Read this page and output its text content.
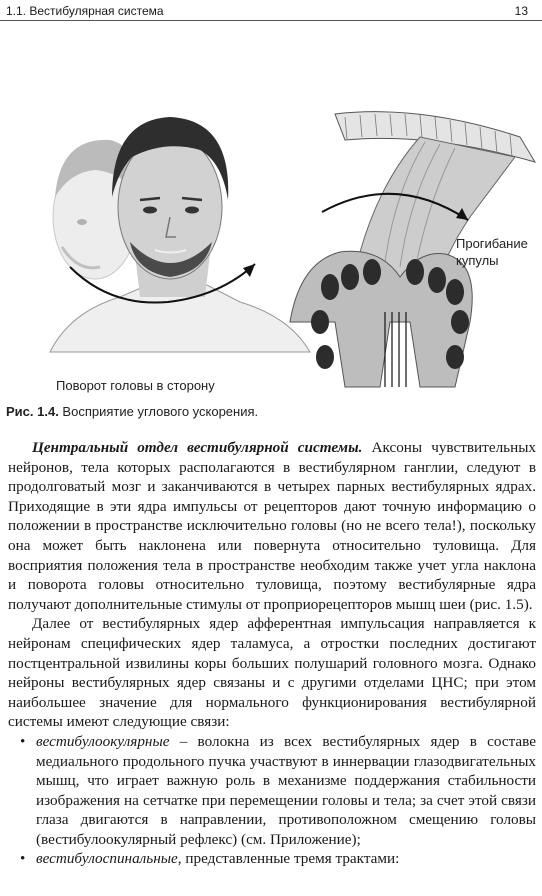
1.1. Вестибулярная система	13
Поворот головы в сторону
Прогибание
купулы
Рис. 1.4. Восприятие углового ускорения.

Центральный отдел вестибулярной системы. Аксоны чувствительных нейронов, тела которых располагаются в вестибулярном ганглии, следуют в продолговатый мозг и заканчиваются в четырех парных вестибулярных ядрах. Приходящие в эти ядра импульсы от рецепторов дают точную информацию о положении в пространстве исключительно головы (но не всего тела!), поскольку она может быть наклонена или повернута относительно туловища. Для восприятия положения тела в пространстве необходим также учет угла наклона и поворота головы относительно туловища, поэтому вестибулярные ядра получают дополнительные стимулы от проприорецепторов мышц шеи (рис. 1.5).

Далее от вестибулярных ядер афферентная импульсация направляется к нейронам специфических ядер таламуса, а отростки последних достигают постцентральной извилины коры больших полушарий головного мозга. Однако нейроны вестибулярных ядер связаны и с другими отделами ЦНС; при этом наибольшее значение для нормального функционирования вестибулярной системы имеют следующие связи:

• вестибулоокулярные – волокна из всех вестибулярных ядер в составе медиального продольного пучка участвуют в иннервации глазодвигательных мышц, что играет важную роль в механизме поддержания стабильности изображения на сетчатке при перемещении головы и тела; за счет этой связи глаза двигаются в направлении, противоположном смещению головы (вестибулоокулярный рефлекс) (см. Приложение);
• вестибулоспинальные, представленные тремя трактами:
